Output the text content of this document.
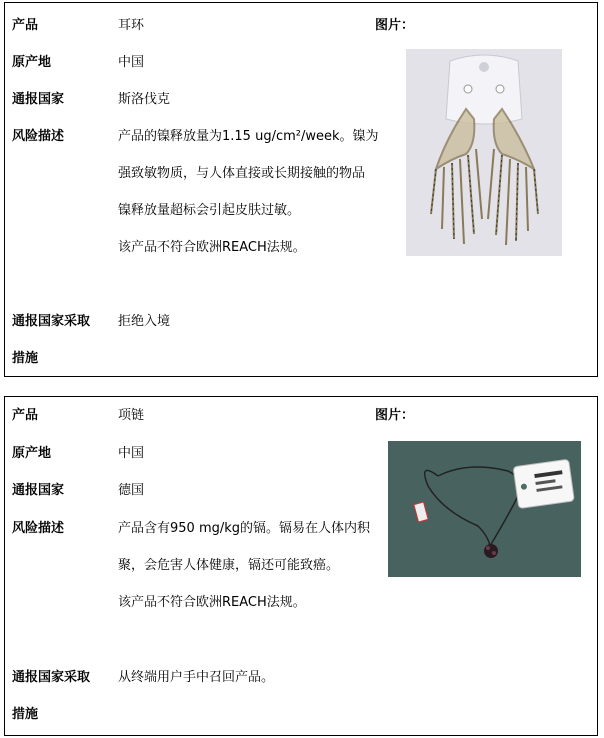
产品	耳环	图片：
原产地	中国
通报国家	斯洛伐克
风险描述	产品的镍释放量为1.15 ug/cm²/week。镍为
强致敏物质，与人体直接或长期接触的物品
镍释放量超标会引起皮肤过敏。
该产品不符合欧洲REACH法规。
通报国家采取 拒绝入境
措施
产品	项链	图片：
原产地	中国
通报国家	德国
风险描述	产品含有950 mg/kg的镉。镉易在人体内积
聚，会危害人体健康，镉还可能致癌。
该产品不符合欧洲REACH法规。
通报国家采取 从终端用户手中召回产品。
措施
